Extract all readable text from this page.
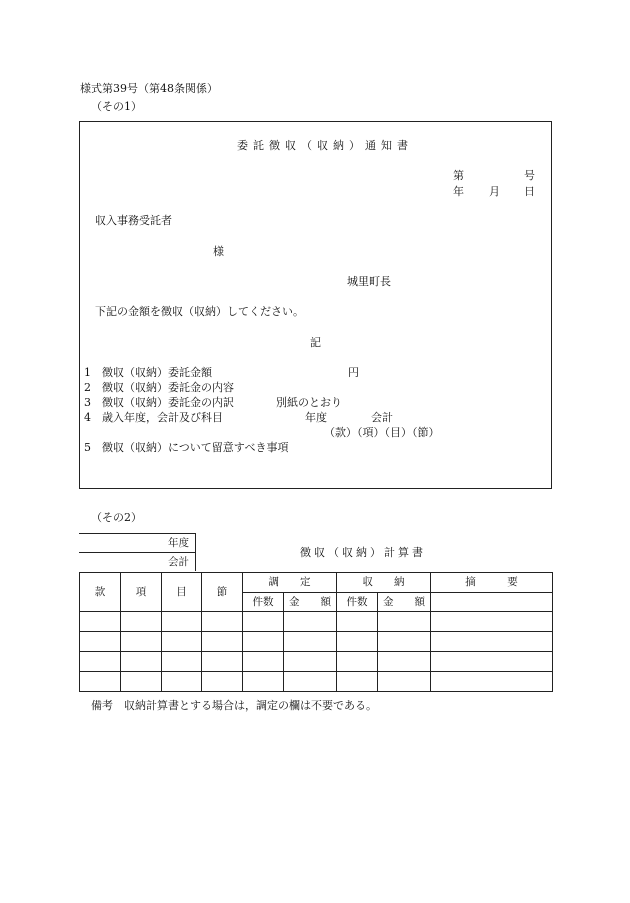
様式第39号（第48条関係）
（その1）
委託徴収（収納）通知書
第	号
年 月 日
収入事務受託者
様
城里町長
下記の金額を徴収（収納）してください。
記
1 徴収（収納）委託金額	円
2 徴収（収納）委託金の内容
3 徴収（収納）委託金の内訳	別紙のとおり
4 歳入年度，会計及び科目	年度	会計
（款）（項）（目）（節）
5 徴収（収納）について留意すべき事項
（その2）
年度
会計
徴収（収納）計算書
款	項	目	節	調　　定		収　　納		摘　　　要
				件数	金　　額	件数	金　　額	

備考　収納計算書とする場合は，調定の欄は不要である。
